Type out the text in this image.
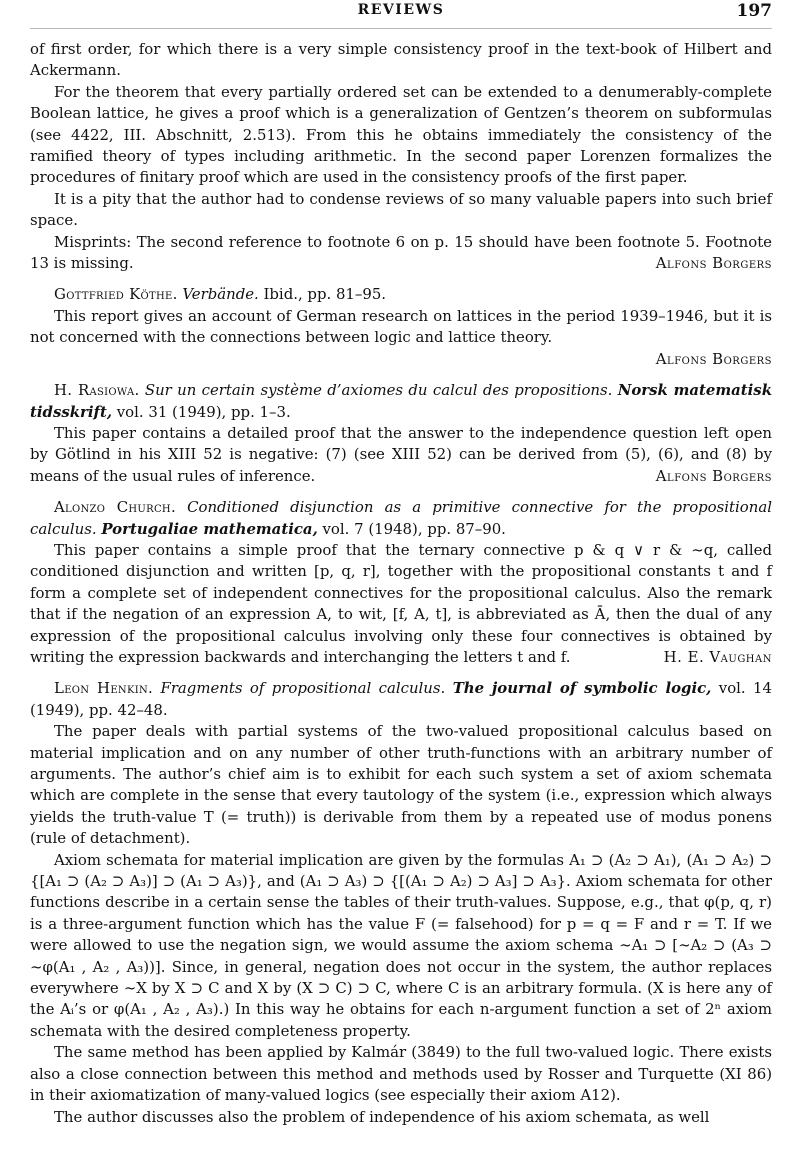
REVIEWS	197

of first order, for which there is a very simple consistency proof in the text-book of Hilbert and Ackermann.

For the theorem that every partially ordered set can be extended to a denumerably-complete Boolean lattice, he gives a proof which is a generalization of Gentzen’s theorem on subformulas (see 4422, III. Abschnitt, 2.513). From this he obtains immediately the consistency of the ramified theory of types including arithmetic. In the second paper Lorenzen formalizes the procedures of finitary proof which are used in the consistency proofs of the first paper.

It is a pity that the author had to condense reviews of so many valuable papers into such brief space.

Misprints: The second reference to footnote 6 on p. 15 should have been footnote 5. Footnote 13 is missing.	Alfons Borgers

Gottfried Köthe. Verbände. Ibid., pp. 81–95.

This report gives an account of German research on lattices in the period 1939–1946, but it is not concerned with the connections between logic and lattice theory.

Alfons Borgers

H. Rasiowa. Sur un certain système d’axiomes du calcul des propositions. Norsk matematisk tidsskrift, vol. 31 (1949), pp. 1–3.

This paper contains a detailed proof that the answer to the independence question left open by Götlind in his XIII 52 is negative: (7) (see XIII 52) can be derived from (5), (6), and (8) by means of the usual rules of inference.	Alfons Borgers

Alonzo Church. Conditioned disjunction as a primitive connective for the propositional calculus. Portugaliae mathematica, vol. 7 (1948), pp. 87–90.

This paper contains a simple proof that the ternary connective p & q ∨ r & ∼q, called conditioned disjunction and written [p, q, r], together with the propositional constants t and f form a complete set of independent connectives for the propositional calculus. Also the remark that if the negation of an expression A, to wit, [f, A, t], is abbreviated as Ā, then the dual of any expression of the propositional calculus involving only these four connectives is obtained by writing the expression backwards and interchanging the letters t and f.	H. E. Vaughan

Leon Henkin. Fragments of propositional calculus. The journal of symbolic logic, vol. 14 (1949), pp. 42–48.

The paper deals with partial systems of the two-valued propositional calculus based on material implication and on any number of other truth-functions with an arbitrary number of arguments. The author’s chief aim is to exhibit for each such system a set of axiom schemata which are complete in the sense that every tautology of the system (i.e., expression which always yields the truth-value T (= truth)) is derivable from them by a repeated use of modus ponens (rule of detachment).

Axiom schemata for material implication are given by the formulas A₁ ⊃ (A₂ ⊃ A₁), (A₁ ⊃ A₂) ⊃ {[A₁ ⊃ (A₂ ⊃ A₃)] ⊃ (A₁ ⊃ A₃)}, and (A₁ ⊃ A₃) ⊃ {[(A₁ ⊃ A₂) ⊃ A₃] ⊃ A₃}. Axiom schemata for other functions describe in a certain sense the tables of their truth-values. Suppose, e.g., that φ(p, q, r) is a three-argument function which has the value F (= falsehood) for p = q = F and r = T. If we were allowed to use the negation sign, we would assume the axiom schema ∼A₁ ⊃ [∼A₂ ⊃ (A₃ ⊃ ∼φ(A₁ , A₂ , A₃))]. Since, in general, negation does not occur in the system, the author replaces everywhere ∼X by X ⊃ C and X by (X ⊃ C) ⊃ C, where C is an arbitrary formula. (X is here any of the Aᵢ’s or φ(A₁ , A₂ , A₃).) In this way he obtains for each n-argument function a set of 2ⁿ axiom schemata with the desired completeness property.

The same method has been applied by Kalmár (3849) to the full two-valued logic. There exists also a close connection between this method and methods used by Rosser and Turquette (XI 86) in their axiomatization of many-valued logics (see especially their axiom A12).

The author discusses also the problem of independence of his axiom schemata, as well
